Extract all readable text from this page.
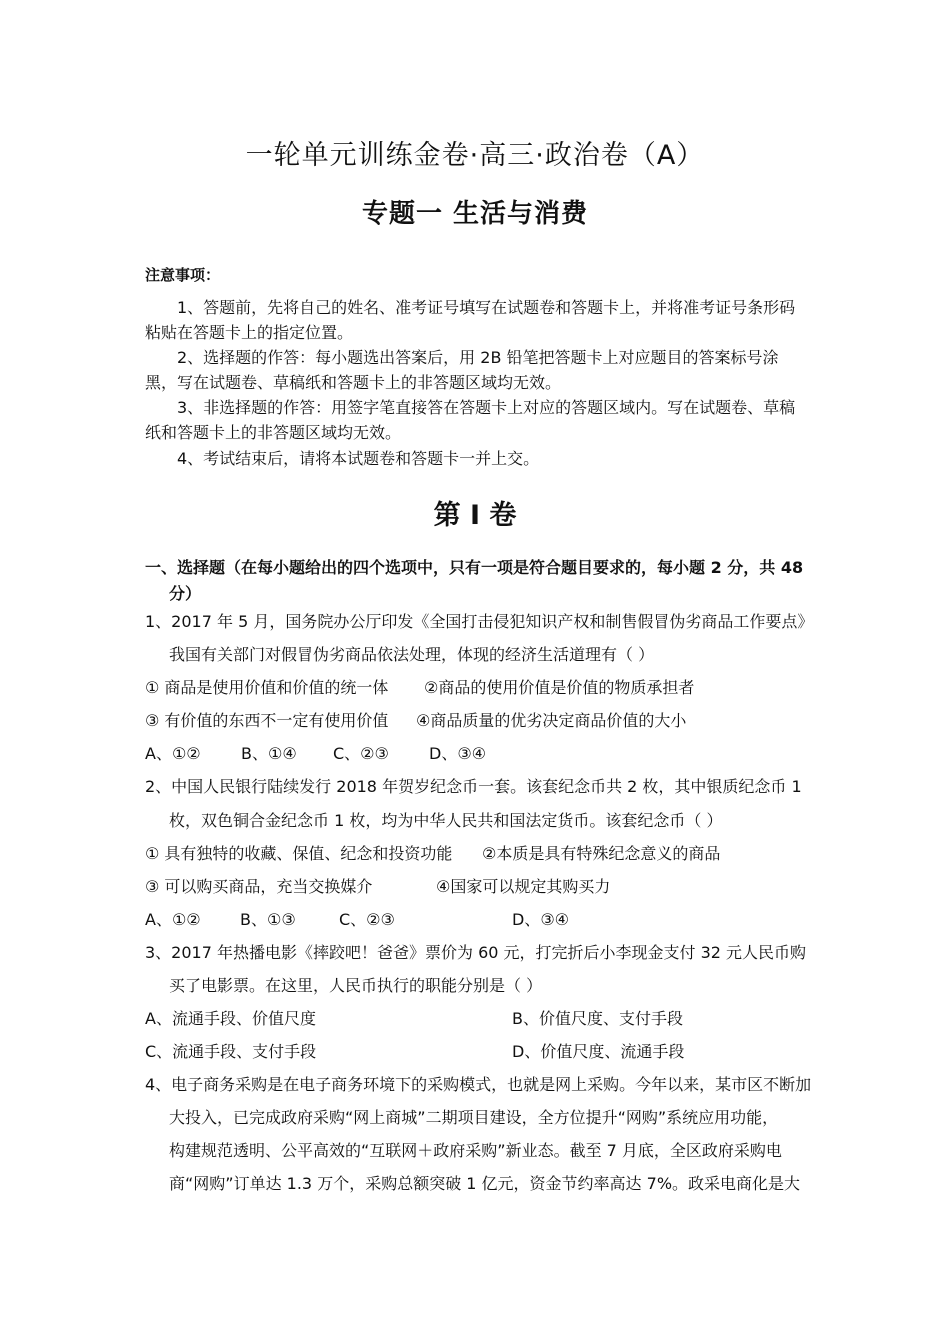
一轮单元训练金卷·高三·政治卷（A）
专题一 生活与消费
注意事项：
1、答题前，先将自己的姓名、准考证号填写在试题卷和答题卡上，并将准考证号条形码粘贴在答题卡上的指定位置。
2、选择题的作答：每小题选出答案后，用 2B 铅笔把答题卡上对应题目的答案标号涂黑，写在试题卷、草稿纸和答题卡上的非答题区域均无效。
3、非选择题的作答：用签字笔直接答在答题卡上对应的答题区域内。写在试题卷、草稿纸和答题卡上的非答题区域均无效。
4、考试结束后，请将本试题卷和答题卡一并上交。
第 I 卷
一、选择题（在每小题给出的四个选项中，只有一项是符合题目要求的，每小题 2 分，共 48
分）
1、2017 年 5 月，国务院办公厅印发《全国打击侵犯知识产权和制售假冒伪劣商品工作要点》
我国有关部门对假冒伪劣商品依法处理，体现的经济生活道理有（ ）
① 商品是使用价值和价值的统一体 ②商品的使用价值是价值的物质承担者
③ 有价值的东西不一定有使用价值 ④商品质量的优劣决定商品价值的大小
A、①②	B、①④ C、②③	D、③④
2、中国人民银行陆续发行 2018 年贺岁纪念币一套。该套纪念币共 2 枚，其中银质纪念币 1
枚，双色铜合金纪念币 1 枚，均为中华人民共和国法定货币。该套纪念币（ ）
① 具有独特的收藏、保值、纪念和投资功能 ②本质是具有特殊纪念意义的商品
③ 可以购买商品，充当交换媒介	④国家可以规定其购买力
A、①② B、①③	C、②③	D、③④
3、2017 年热播电影《摔跤吧！爸爸》票价为 60 元，打完折后小李现金支付 32 元人民币购
买了电影票。在这里，人民币执行的职能分别是（ ）
A、流通手段、价值尺度	B、价值尺度、支付手段
C、流通手段、支付手段	D、价值尺度、流通手段
4、电子商务采购是在电子商务环境下的采购模式，也就是网上采购。今年以来，某市区不断加
大投入，已完成政府采购“网上商城”二期项目建设，全方位提升“网购”系统应用功能，
构建规范透明、公平高效的“互联网＋政府采购”新业态。截至 7 月底，全区政府采购电
商“网购”订单达 1.3 万个，采购总额突破 1 亿元，资金节约率高达 7%。政采电商化是大
